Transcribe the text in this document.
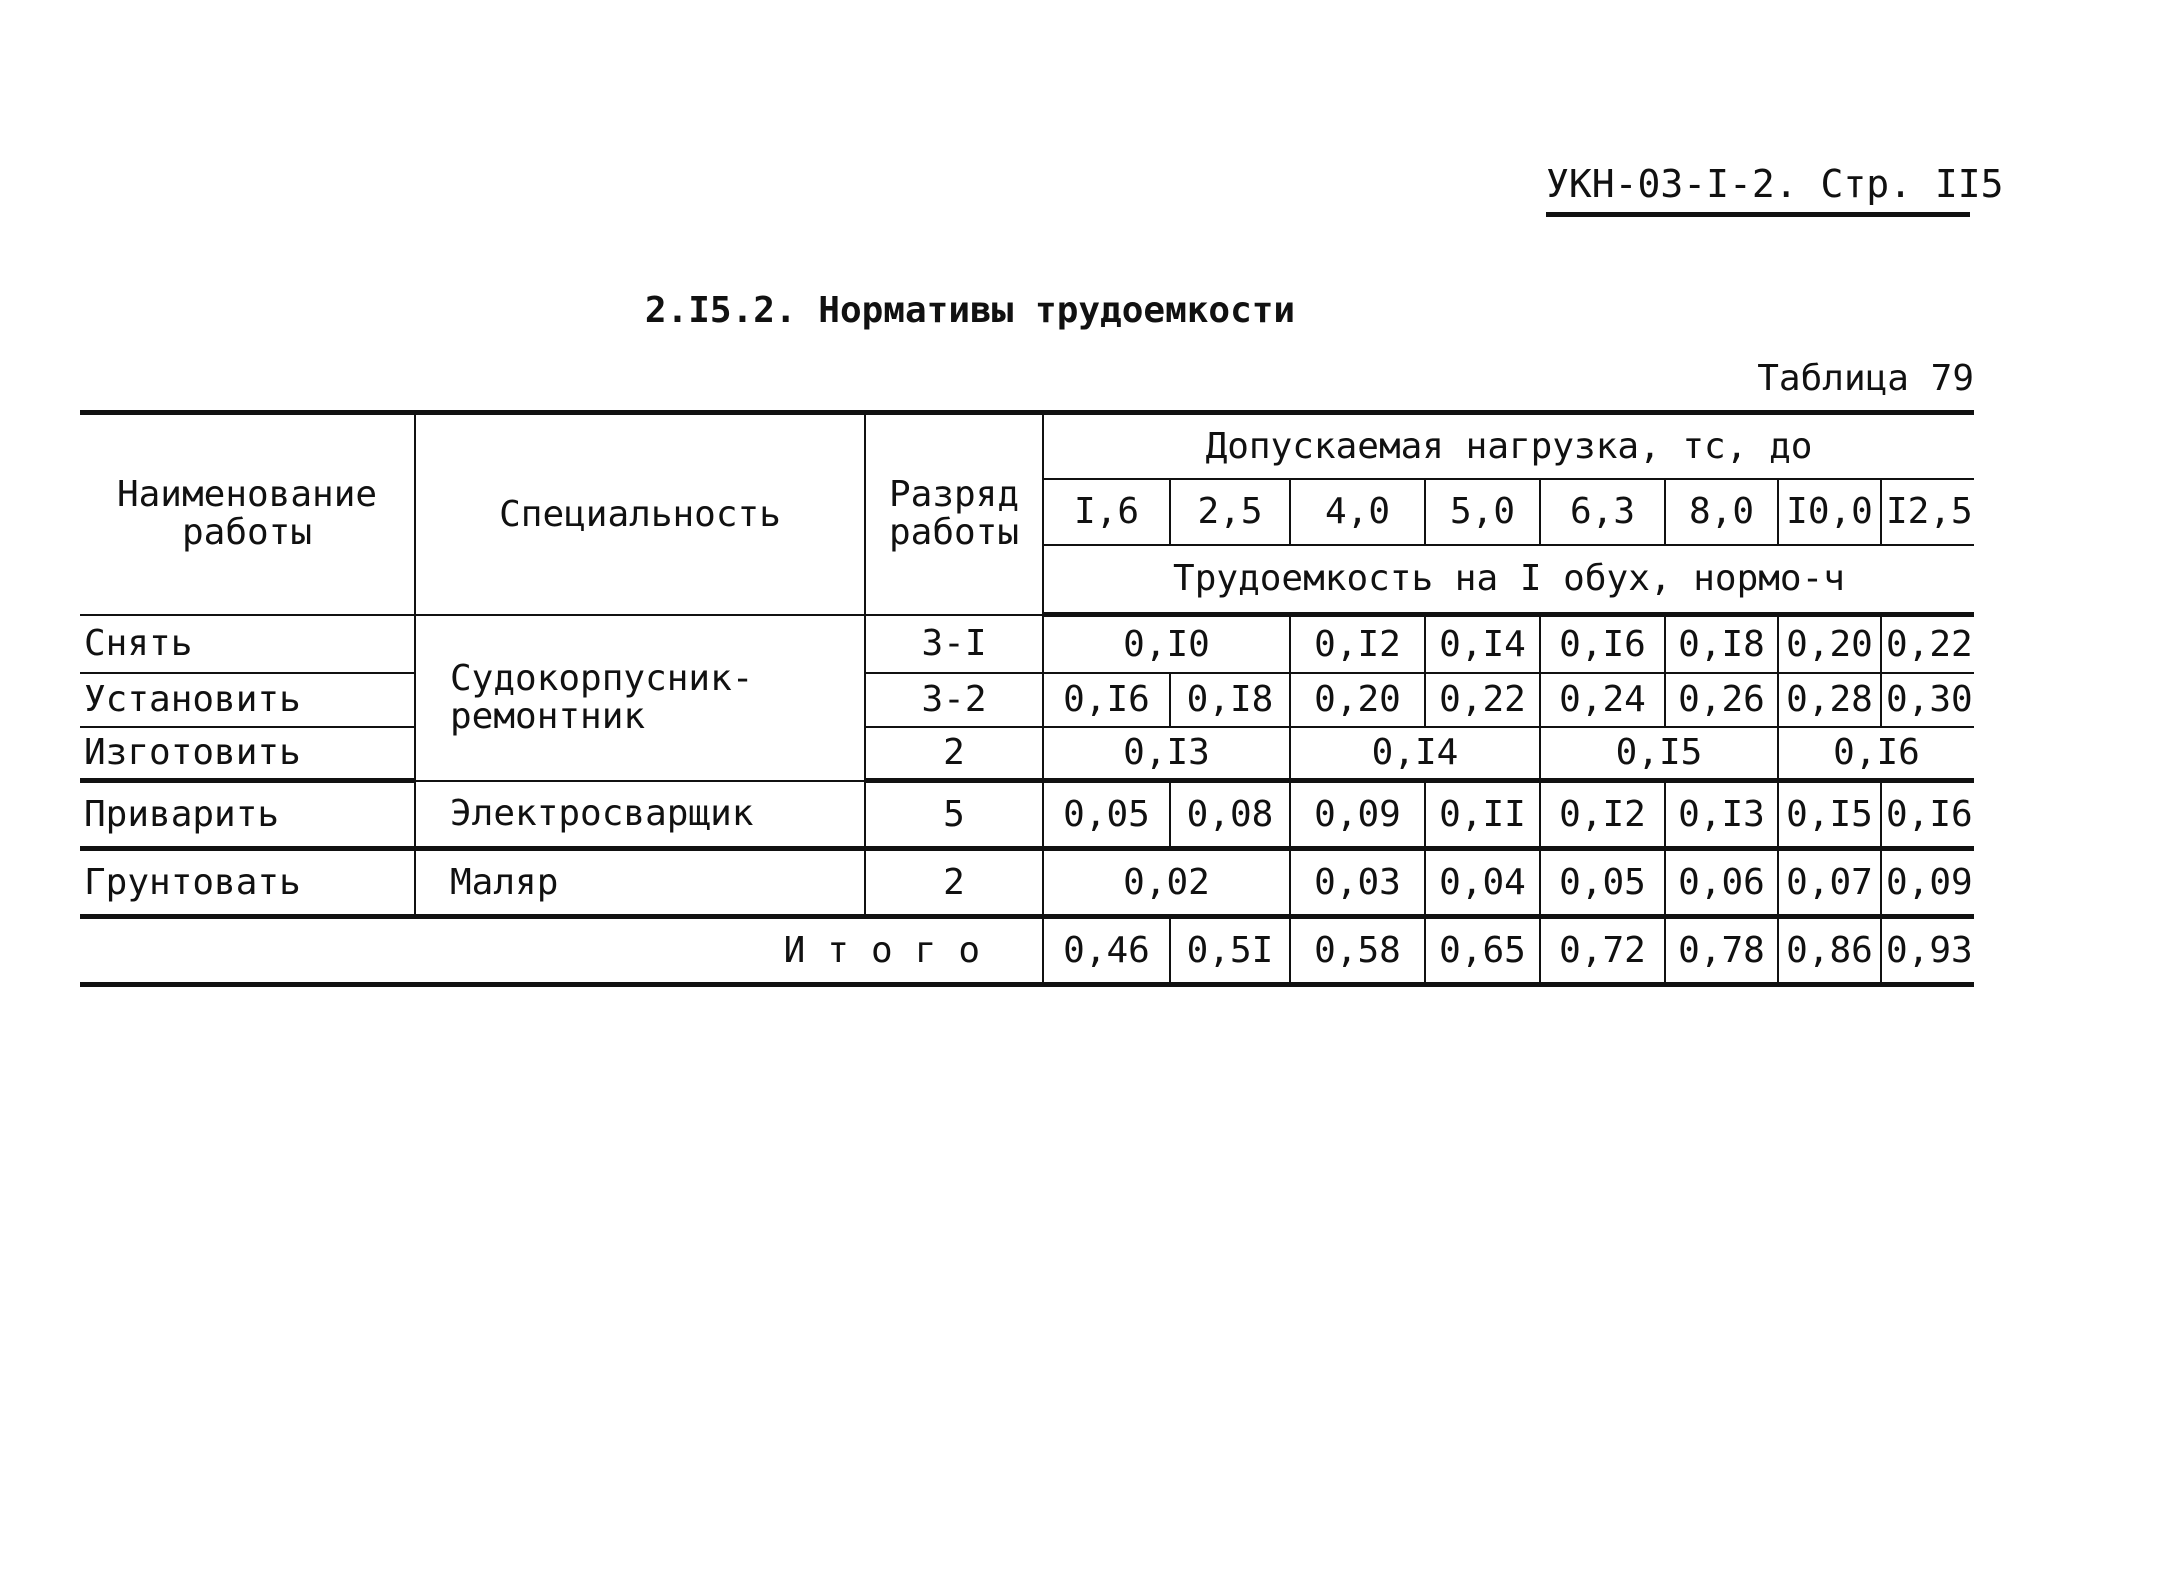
УКН-03-I-2. Стр. II5
2.I5.2. Нормативы трудоемкости
Таблица 79
Наименование работы	Специальность	Разряд работы	Допускаемая нагрузка, тс, до							
			I,6	2,5	4,0	5,0	6,3	8,0	I0,0	I2,5
			Трудоемкость на I обух, нормо-ч							
Снять	Судокорпусник-ремонтник	3-I	0,I0		0,I2	0,I4	0,I6	0,I8	0,20	0,22
Установить		3-2	0,I6	0,I8	0,20	0,22	0,24	0,26	0,28	0,30
Изготовить		2	0,I3		0,I4		0,I5		0,I6	
Приварить	Электросварщик	5	0,05	0,08	0,09	0,II	0,I2	0,I3	0,I5	0,I6
Грунтовать	Маляр	2	0,02		0,03	0,04	0,05	0,06	0,07	0,09
Итого			0,46	0,5I	0,58	0,65	0,72	0,78	0,86	0,93
